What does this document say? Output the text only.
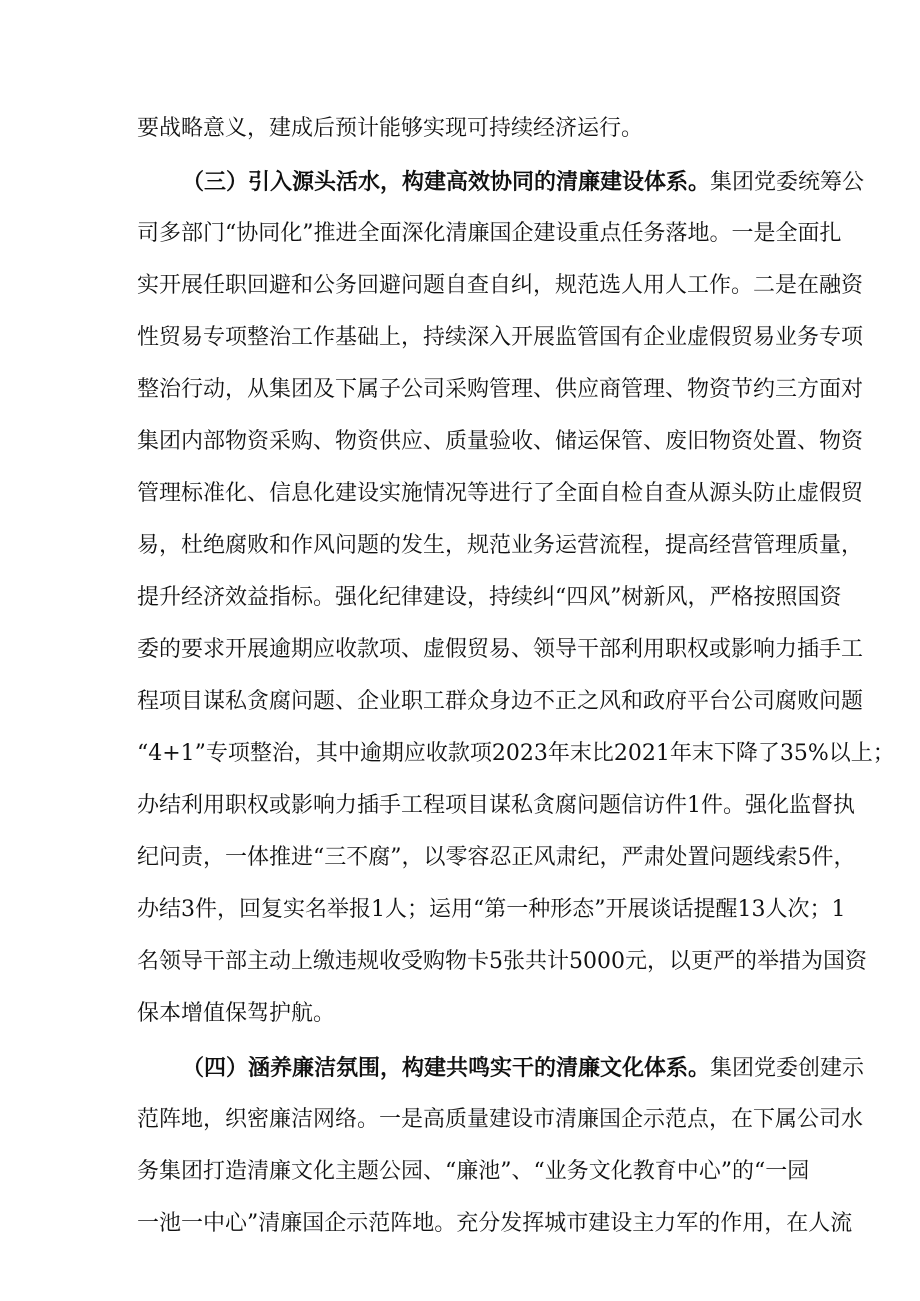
要战略意义，建成后预计能够实现可持续经济运行。
（三）引入源头活水，构建高效协同的清廉建设体系。集团党委统筹公
司多部门“协同化”推进全面深化清廉国企建设重点任务落地。一是全面扎
实开展任职回避和公务回避问题自查自纠，规范选人用人工作。二是在融资
性贸易专项整治工作基础上，持续深入开展监管国有企业虚假贸易业务专项
整治行动，从集团及下属子公司采购管理、供应商管理、物资节约三方面对
集团内部物资采购、物资供应、质量验收、储运保管、废旧物资处置、物资
管理标准化、信息化建设实施情况等进行了全面自检自查从源头防止虚假贸
易，杜绝腐败和作风问题的发生，规范业务运营流程，提高经营管理质量，
提升经济效益指标。强化纪律建设，持续纠“四风”树新风，严格按照国资
委的要求开展逾期应收款项、虚假贸易、领导干部利用职权或影响力插手工
程项目谋私贪腐问题、企业职工群众身边不正之风和政府平台公司腐败问题
“4+1”专项整治，其中逾期应收款项2023年末比2021年末下降了35%以上；
办结利用职权或影响力插手工程项目谋私贪腐问题信访件1件。强化监督执
纪问责，一体推进“三不腐”，以零容忍正风肃纪，严肃处置问题线索5件，
办结3件，回复实名举报1人；运用“第一种形态”开展谈话提醒13人次；1
名领导干部主动上缴违规收受购物卡5张共计5000元，以更严的举措为国资
保本增值保驾护航。
（四）涵养廉洁氛围，构建共鸣实干的清廉文化体系。集团党委创建示
范阵地，织密廉洁网络。一是高质量建设市清廉国企示范点，在下属公司水
务集团打造清廉文化主题公园、“廉池”、“业务文化教育中心”的“一园
一池一中心”清廉国企示范阵地。充分发挥城市建设主力军的作用，在人流
